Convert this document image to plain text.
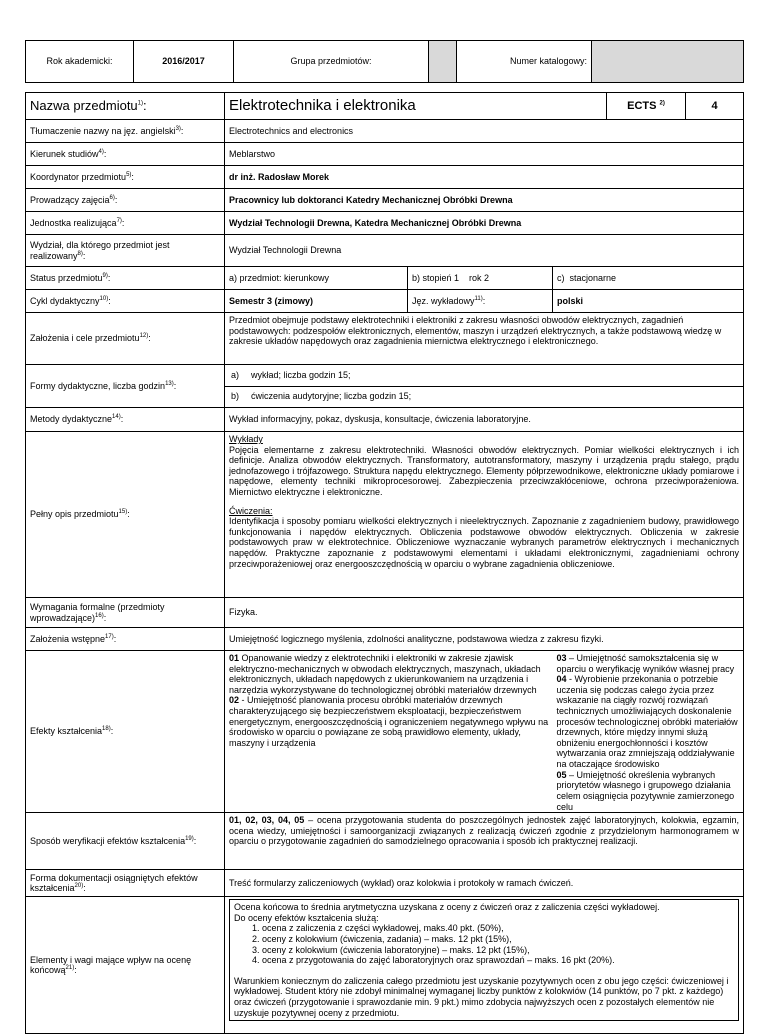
Rok akademicki:	2016/2017	Grupa przedmiotów:		Numer katalogowy:	
Nazwa przedmiotu$^{1)}$:	Elektrotechnika i elektronika	ECTS $^{2)}$	4
Tłumaczenie nazwy na jęz. angielski$^{3)}$:	Electrotechnics and electronics
Kierunek studiów$^{4)}$:	Meblarstwo
Koordynator przedmiotu$^{5)}$:	dr inż. Radosław Morek
Prowadzący zajęcia$^{6)}$:	Pracownicy lub doktoranci Katedry Mechanicznej Obróbki Drewna
Jednostka realizująca$^{7)}$:	Wydział Technologii Drewna, Katedra Mechanicznej Obróbki Drewna
Wydział, dla którego przedmiot jest realizowany$^{8)}$:	Wydział Technologii Drewna
Status przedmiotu$^{9)}$:	a) przedmiot: kierunkowy	b) stopień 1    rok 2	c)  stacjonarne
Cykl dydaktyczny$^{10)}$:	Semestr 3 (zimowy)	Jęz. wykładowy$^{11)}$:	polski
Założenia i cele przedmiotu$^{12)}$:	Przedmiot obejmuje podstawy elektrotechniki i elektroniki z zakresu własności obwodów elektrycznych, zagadnień podstawowych: podzespołów elektronicznych, elementów, maszyn i urządzeń elektrycznych, a także podstawową wiedzę w zakresie układów napędowych oraz zagadnienia miernictwa elektrycznego i elektronicznego.
Formy dydaktyczne, liczba godzin$^{13)}$:	
a)	wykład; liczba godzin 15;
b)	ćwiczenia audytoryjne; liczba godzin 15;

Metody dydaktyczne$^{14)}$:	Wykład informacyjny, pokaz, dyskusja, konsultacje, ćwiczenia laboratoryjne.
Pełny opis przedmiotu$^{15)}$:	

Wykłady

Pojęcia elementarne z zakresu elektrotechniki. Własności obwodów elektrycznych. Pomiar wielkości elektrycznych i ich definicje. Analiza obwodów elektrycznych. Transformatory, autotransformatory, maszyny i urządzenia prądu stałego, prądu jednofazowego i trójfazowego. Struktura napędu elektrycznego. Elementy półprzewodnikowe, elektroniczne układy pomiarowe i napędowe, elementy techniki mikroprocesorowej. Zabezpieczenia przeciwzakłóceniowe, ochrona przeciwporażeniowa. Miernictwo elektryczne i elektroniczne.

Ćwiczenia:

Identyfikacja i sposoby pomiaru wielkości elektrycznych i nieelektrycznych. Zapoznanie z zagadnieniem budowy, prawidłowego funkcjonowania i napędów elektrycznych. Obliczenia podstawowe obwodów elektrycznych. Obliczenia w zakresie podstawowych praw w elektrotechnice. Obliczeniowe wyznaczanie wybranych parametrów elektrycznych i mechanicznych napędów. Praktyczne zapoznanie z podstawowymi elementami i układami elektronicznymi, zagadnieniami ochrony przeciwporażeniowej oraz energooszczędnością w oparciu o wybrane zagadnienia obliczeniowe.

Wymagania formalne (przedmioty wprowadzające)$^{16)}$:	Fizyka.
Założenia wstępne$^{17)}$:	Umiejętność logicznego myślenia, zdolności analityczne, podstawowa wiedza z zakresu fizyki.
Efekty kształcenia$^{18)}$:	

01 Opanowanie wiedzy z elektrotechniki i elektroniki w zakresie zjawisk elektryczno-mechanicznych w obwodach elektrycznych, maszynach, układach elektronicznych, układach napędowych z ukierunkowaniem na urządzenia i narzędzia wykorzystywane do technologicznej obróbki materiałów drzewnych

02 - Umiejętność planowania procesu obróbki materiałów drzewnych charakteryzującego się bezpieczeństwem eksploatacji, bezpieczeństwem energetycznym, energooszczędnością i ograniczeniem negatywnego wpływu na środowisko w oparciu o powiązane ze sobą prawidłowo elementy, układy, maszyny i urządzenia

03 – Umiejętność samokształcenia się w oparciu o weryfikację wyników własnej pracy

04 - Wyrobienie przekonania o potrzebie uczenia się podczas całego życia przez wskazanie na ciągły rozwój rozwiązań technicznych umożliwiających doskonalenie procesów technologicznej obróbki materiałów drzewnych, które między innymi służą obniżeniu energochłonności i kosztów wytwarzania oraz zmniejszają oddziaływanie na otaczające środowisko

05 – Umiejętność określenia wybranych priorytetów własnego i grupowego działania celem osiągnięcia pozytywnie zamierzonego celu

Sposób weryfikacji efektów kształcenia$^{19)}$:	01, 02, 03, 04, 05 – ocena przygotowania studenta do poszczególnych jednostek zajęć laboratoryjnych, kolokwia, egzamin, ocena wiedzy, umiejętności i samoorganizacji związanych z realizacją ćwiczeń zgodnie z przydzielonym harmonogramem w oparciu o przygotowanie zagadnień do samodzielnego opracowania i sposób ich praktycznej realizacji.
Forma dokumentacji osiągniętych efektów kształcenia$^{20)}$:	Treść formularzy zaliczeniowych (wykład) oraz kolokwia i protokoły w ramach ćwiczeń.
Elementy i wagi mające wpływ na ocenę końcową$^{21)}$:	

Ocena końcowa to średnia arytmetyczna uzyskana z oceny z ćwiczeń oraz z zaliczenia części wykładowej.

Do oceny efektów kształcenia służą:

1. ocena z zaliczenia z części wykładowej, maks.40 pkt. (50%),
2. oceny z kolokwium (ćwiczenia, zadania) – maks. 12 pkt (15%),
3. oceny z kolokwium (ćwiczenia laboratoryjne) – maks. 12 pkt (15%),
4. ocena z przygotowania do zajęć laboratoryjnych oraz sprawozdań – maks. 16 pkt (20%).

Warunkiem koniecznym do zaliczenia całego przedmiotu jest uzyskanie pozytywnych ocen z obu jego części: ćwiczeniowej i wykładowej. Student który nie zdobył minimalnej wymaganej liczby punktów z kolokwiów (14 punktów, po 7 pkt. z każdego) oraz ćwiczeń (przygotowanie i sprawozdanie min. 9 pkt.) mimo zdobycia najwyższych ocen z pozostałych elementów nie uzyskuje pozytywnej oceny z przedmiotu.
